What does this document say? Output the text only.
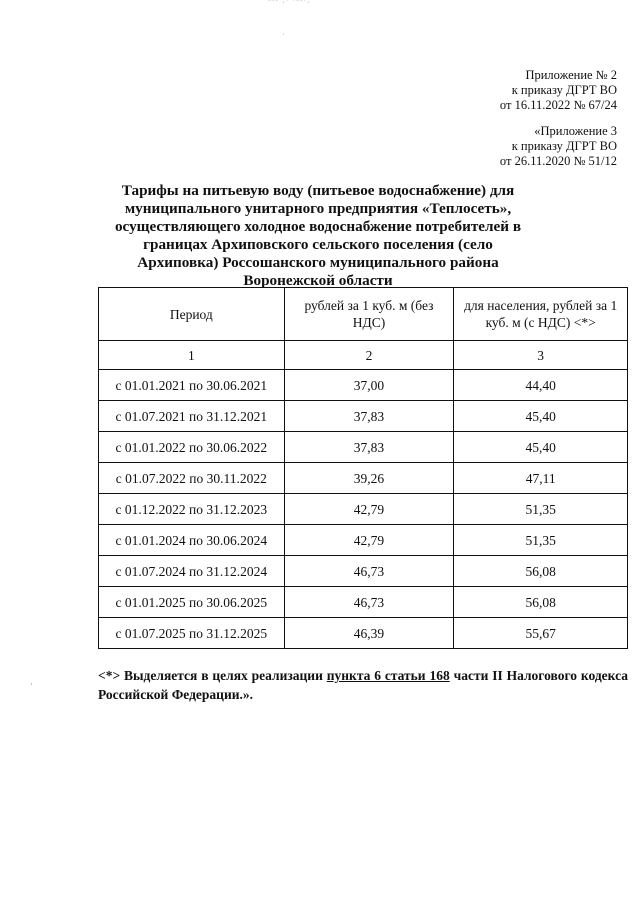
˜˜˜ ·˙ ˙˜˜˙·
·
Приложение № 2
к приказу ДГРТ ВО
от 16.11.2022 № 67/24
«Приложение 3
к приказу ДГРТ ВО
от 26.11.2020 № 51/12
Тарифы на питьевую воду (питьевое водоснабжение) для муниципального унитарного предприятия «Теплосеть», осуществляющего холодное водоснабжение потребителей в границах Архиповского сельского поселения (село Архиповка) Россошанского муниципального района Воронежской области
Период	рублей за 1 куб. м (без НДС)	для населения, рублей за 1 куб. м (с НДС) <*>
1	2	3
с 01.01.2021 по 30.06.2021	37,00	44,40
с 01.07.2021 по 31.12.2021	37,83	45,40
с 01.01.2022 по 30.06.2022	37,83	45,40
с 01.07.2022 по 30.11.2022	39,26	47,11
с 01.12.2022 по 31.12.2023	42,79	51,35
с 01.01.2024 по 30.06.2024	42,79	51,35
с 01.07.2024 по 31.12.2024	46,73	56,08
с 01.01.2025 по 30.06.2025	46,73	56,08
с 01.07.2025 по 31.12.2025	46,39	55,67
<*> Выделяется в целях реализации пункта 6 статьи 168 части II Налогового кодекса Российской Федерации.».
·
